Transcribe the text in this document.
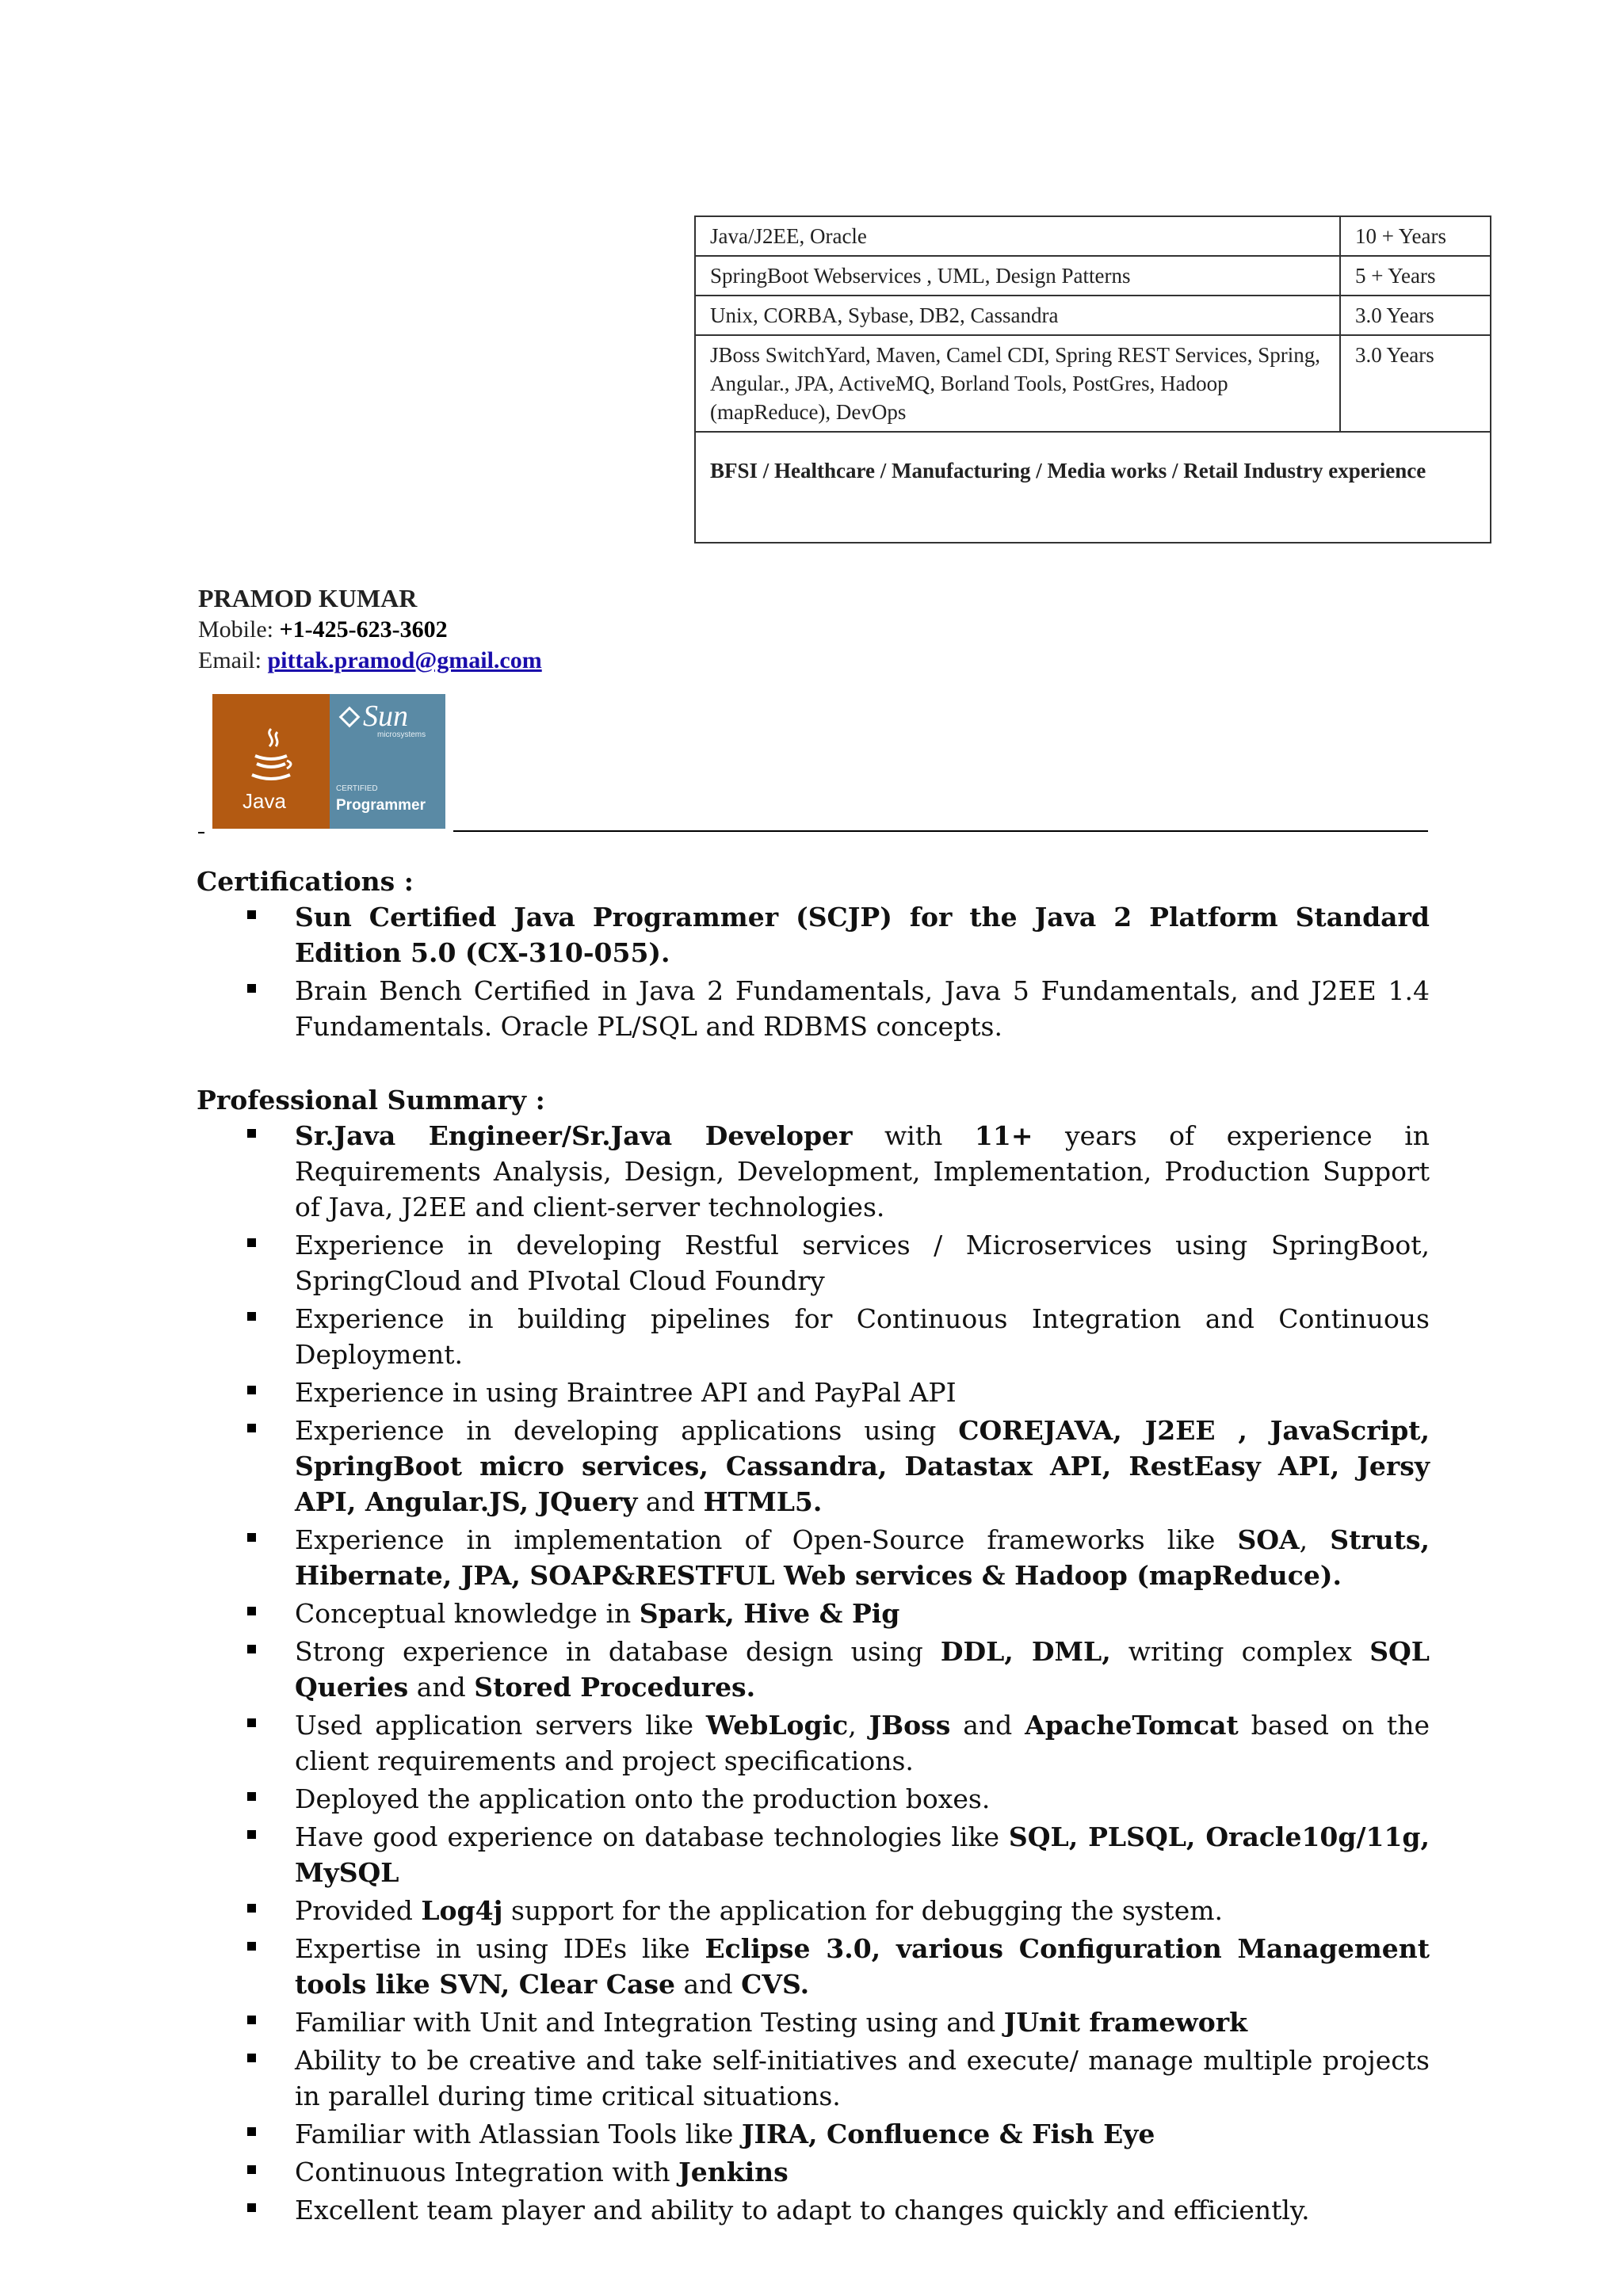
Java/J2EE, Oracle	10 + Years
SpringBoot Webservices , UML, Design Patterns	5 + Years
Unix, CORBA, Sybase, DB2, Cassandra	3.0 Years
JBoss SwitchYard, Maven, Camel CDI, Spring REST Services, Spring, Angular., JPA, ActiveMQ, Borland Tools, PostGres, Hadoop (mapReduce), DevOps	3.0 Years
BFSI / Healthcare / Manufacturing / Media works / Retail Industry experience	
PRAMOD KUMAR
Mobile: +1-425-623-3602
Email: pittak.pramod@gmail.com
Java
Sun
microsystems
CERTIFIED
Programmer

Certifications :

Sun Certified Java Programmer (SCJP) for the Java 2 Platform Standard Edition 5.0 (CX-310-055).
Brain Bench Certified in Java 2 Fundamentals, Java 5 Fundamentals, and J2EE 1.4 Fundamentals. Oracle PL/SQL and RDBMS concepts.

Professional Summary :

Sr.Java Engineer/Sr.Java Developer with 11+ years of experience in Requirements Analysis, Design, Development, Implementation, Production Support of Java, J2EE and client-server technologies.
Experience in developing Restful services / Microservices using SpringBoot, SpringCloud and PIvotal Cloud Foundry
Experience in building pipelines for Continuous Integration and Continuous Deployment.
Experience in using Braintree API and PayPal API
Experience in developing applications using COREJAVA, J2EE , JavaScript, SpringBoot micro services, Cassandra, Datastax API, RestEasy API, Jersy API, Angular.JS, JQuery and HTML5.
Experience in implementation of Open-Source frameworks like SOA, Struts, Hibernate, JPA, SOAP&RESTFUL Web services & Hadoop (mapReduce).
Conceptual knowledge in Spark, Hive & Pig
Strong experience in database design using DDL, DML, writing complex SQL Queries and Stored Procedures.
Used application servers like WebLogic, JBoss and ApacheTomcat based on the client requirements and project specifications.
Deployed the application onto the production boxes.
Have good experience on database technologies like SQL, PLSQL, Oracle10g/11g, MySQL
Provided Log4j support for the application for debugging the system.
Expertise in using IDEs like Eclipse 3.0, various Configuration Management tools like SVN, Clear Case and CVS.
Familiar with Unit and Integration Testing using and JUnit framework
Ability to be creative and take self-initiatives and execute/ manage multiple projects in parallel during time critical situations.
Familiar with Atlassian Tools like JIRA, Confluence & Fish Eye
Continuous Integration with Jenkins
Excellent team player and ability to adapt to changes quickly and efficiently.
